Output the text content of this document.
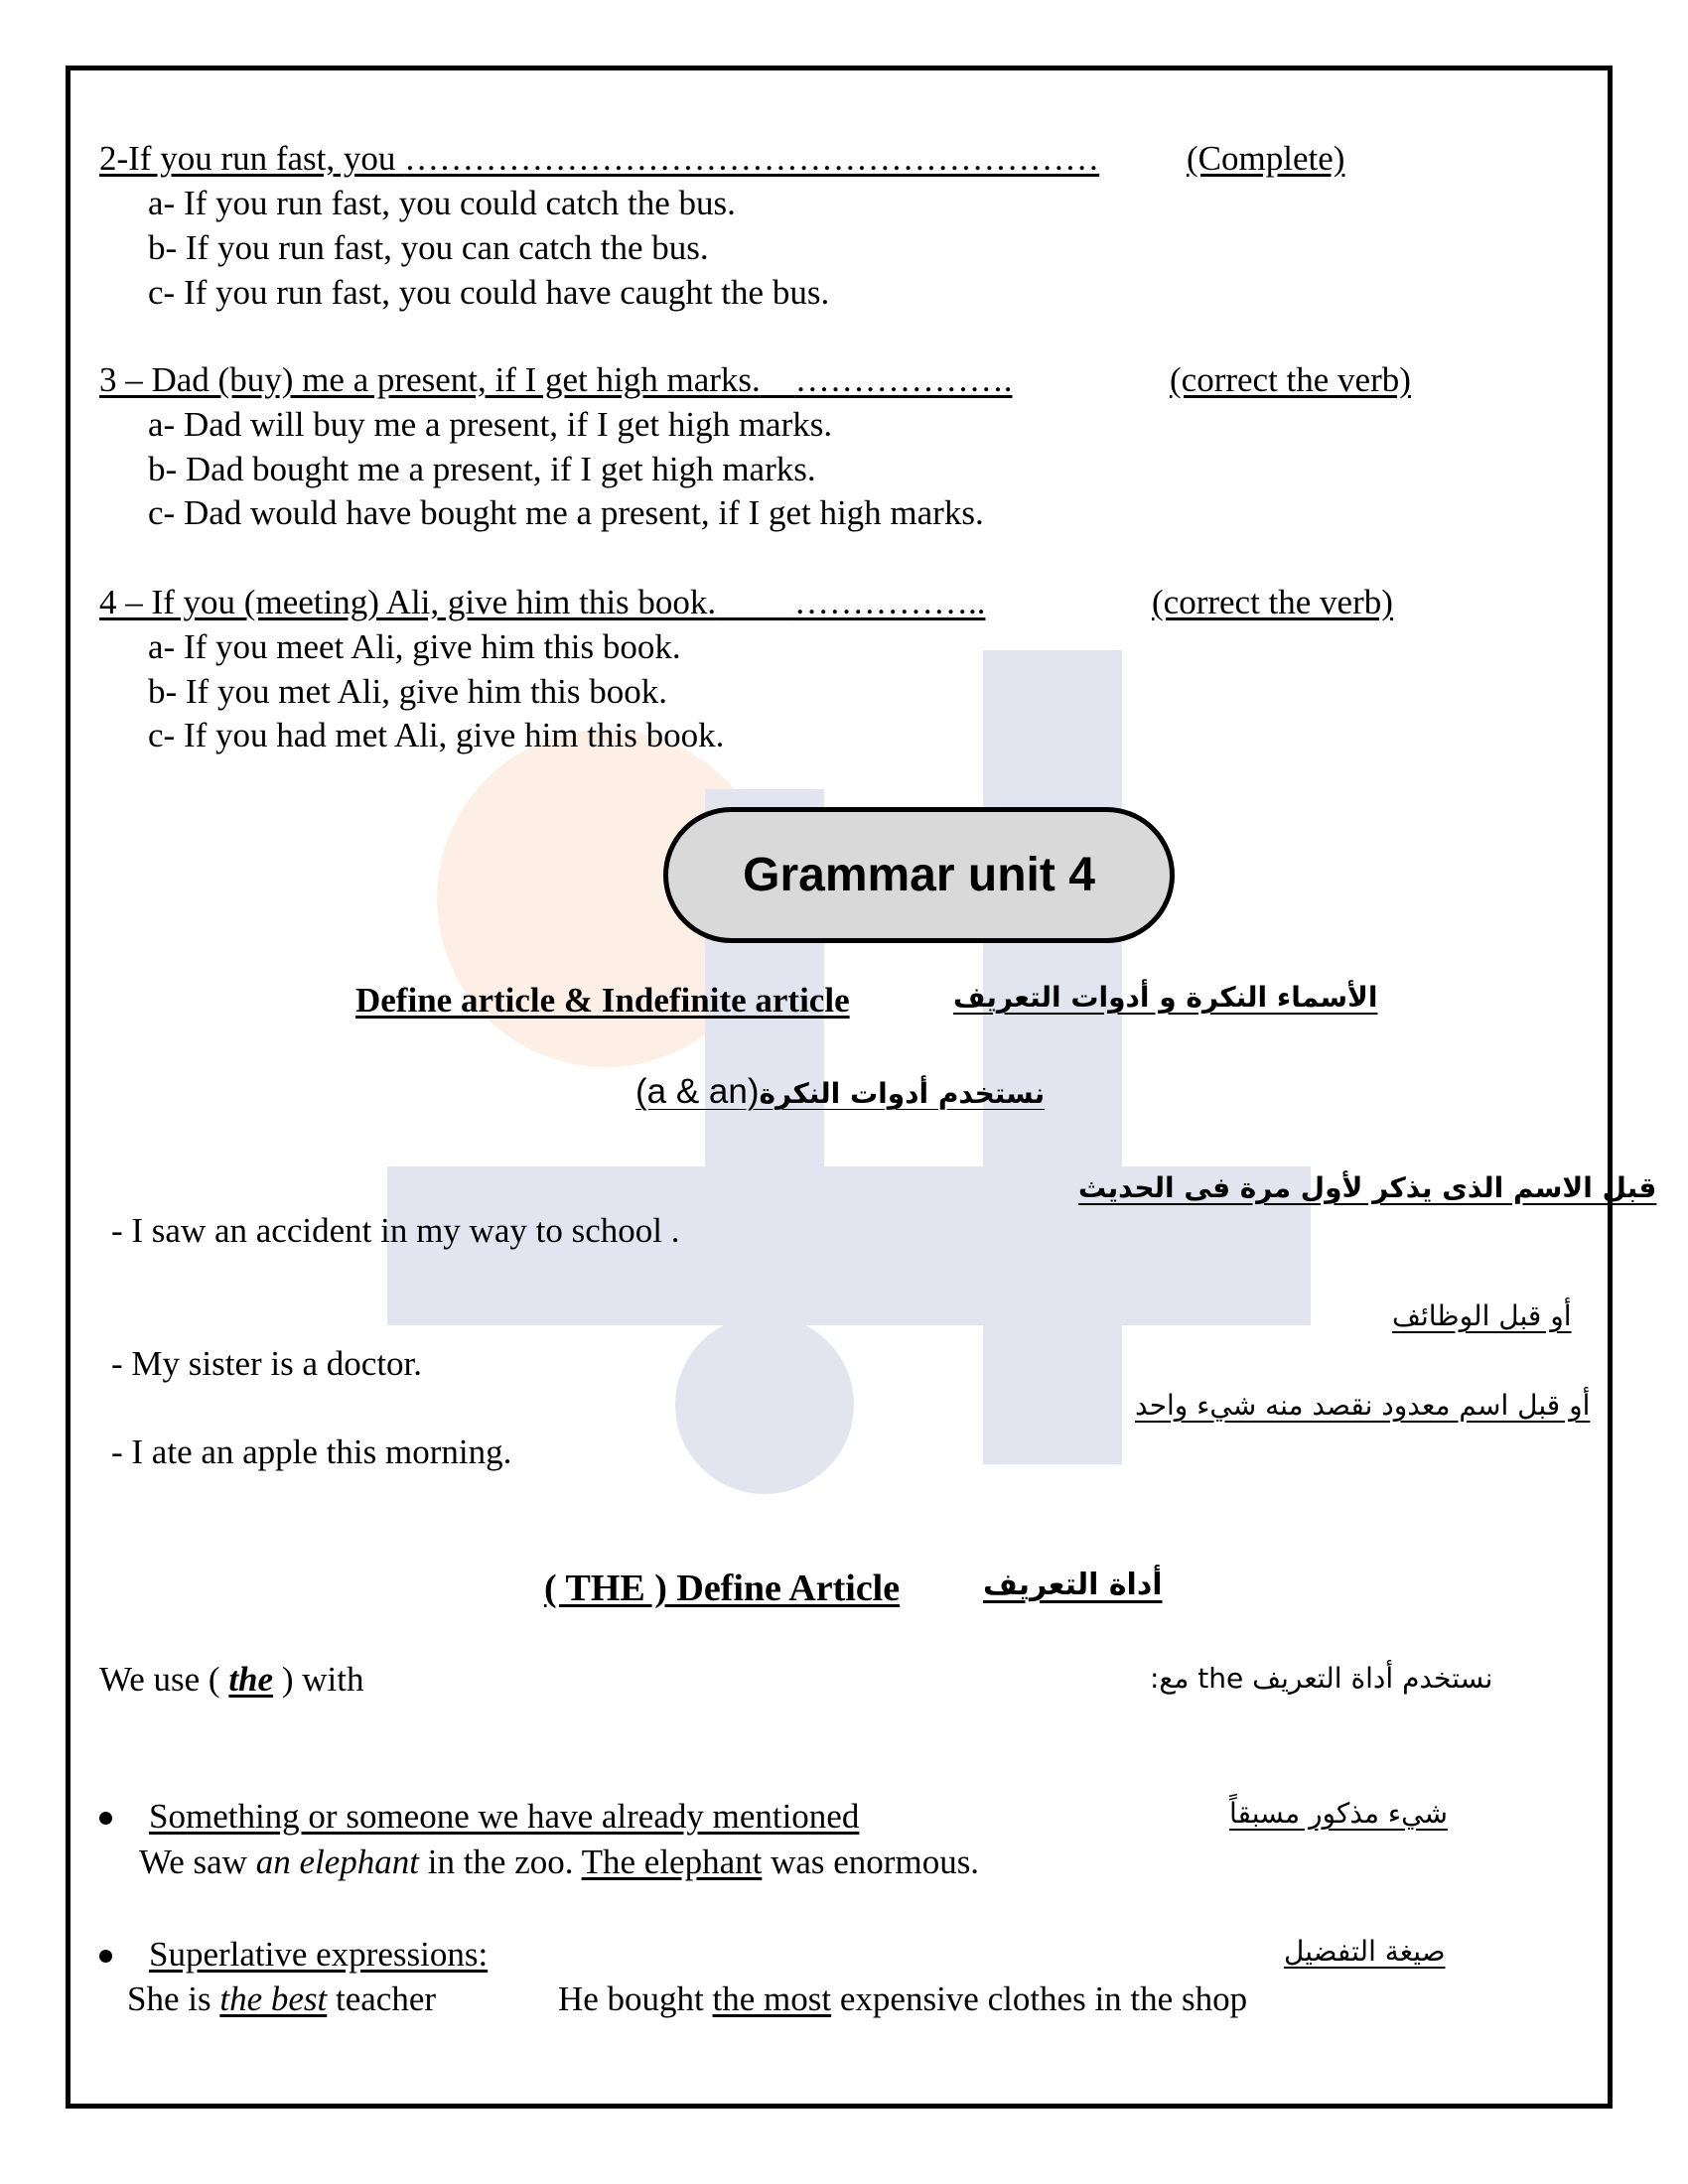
2-If you run fast, you ……………………………………………………	(Complete)
a- If you run fast, you could catch the bus.
b- If you run fast, you can catch the bus.
c- If you run fast, you could have caught the bus.
3 – Dad (buy) me a present, if I get high marks. ……………….	(correct the verb)
a- Dad will buy me a present, if I get high marks.
b- Dad bought me a present, if I get high marks.
c- Dad would have bought me a present, if I get high marks.
4 – If you (meeting) Ali, give him this book. ……………..	(correct the verb)
a- If you meet Ali, give him this book.
b- If you met Ali, give him this book.
c- If you had met Ali, give him this book.
Grammar unit 4
Define article & Indefinite article	الأسماء النكرة و أدوات التعريف
(a & an)نستخدم أدوات النكرة
قبل الاسم الذى يذكر لأول مرة فى الحديث
- I saw an accident in my way to school .
أو قبل الوظائف
- My sister is a doctor.
أو قبل اسم معدود نقصد منه شيء واحد
- I ate an apple this morning.
( THE ) Define Article	أداة التعريف
We use ( the ) with	نستخدم أداة التعريف the مع:
Something or someone we have already mentioned	شيء مذكور مسبقاً
We saw an elephant in the zoo. The elephant was enormous.
Superlative expressions:	صيغة التفضيل
She is the best teacher	He bought the most expensive clothes in the shop
